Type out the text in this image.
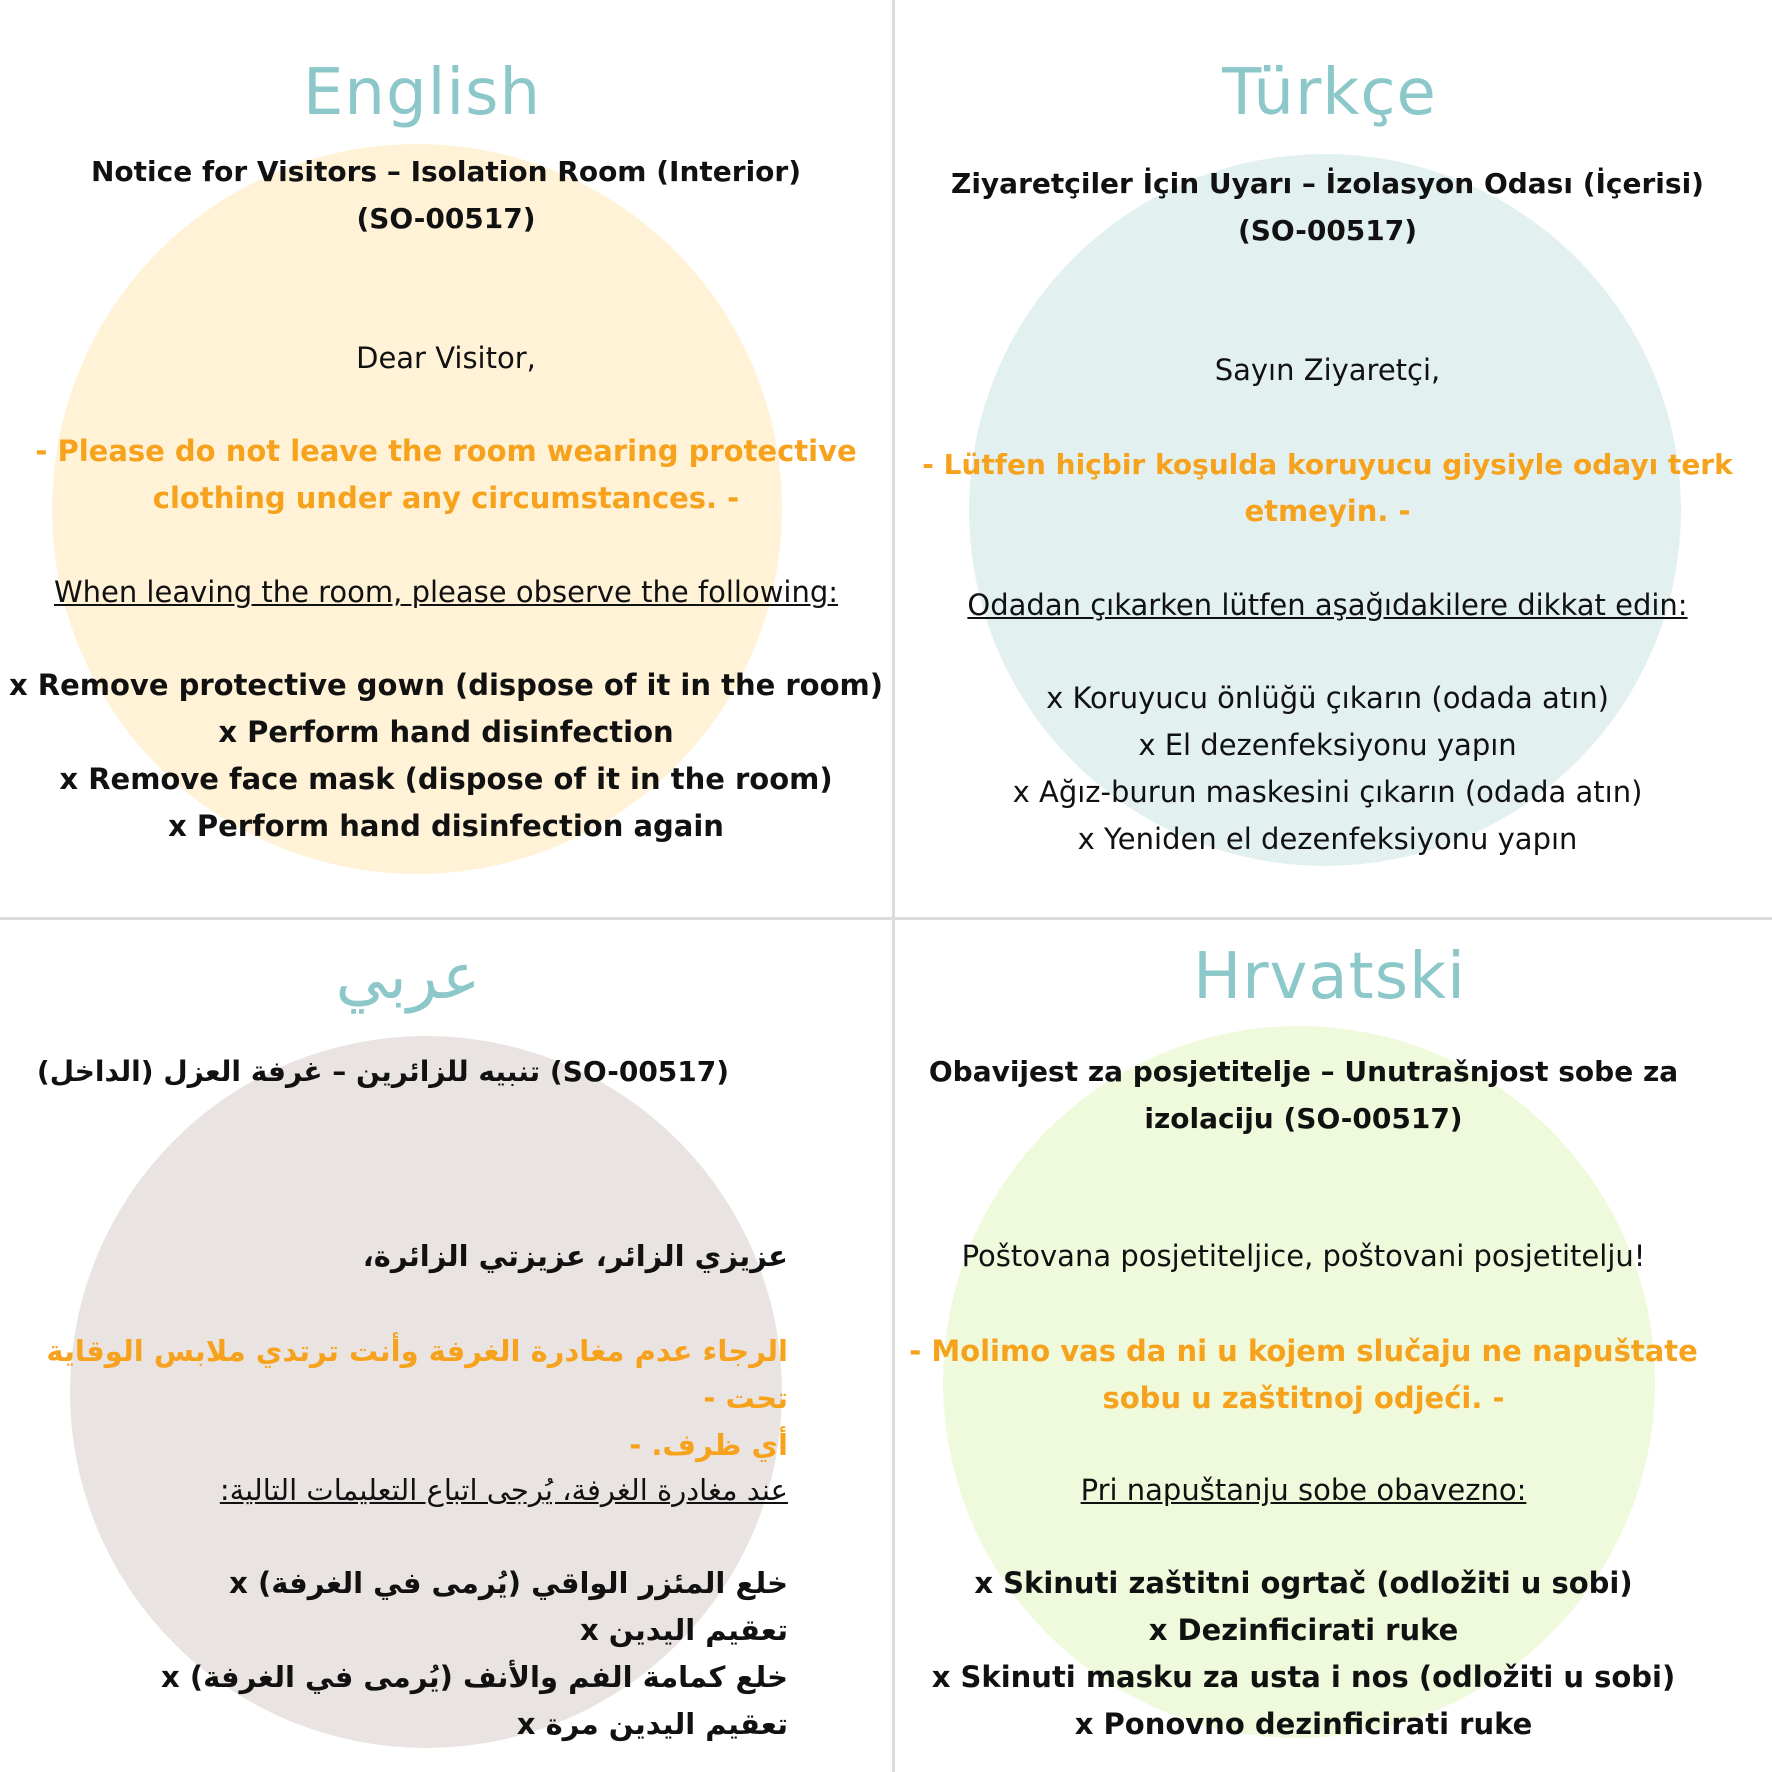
English

Notice for Visitors – Isolation Room (Interior)

(SO-00517)

Dear Visitor,

- Please do not leave the room wearing protective

clothing under any circumstances. -

When leaving the room, please observe the following:

x Remove protective gown (dispose of it in the room)
x Perform hand disinfection
x Remove face mask (dispose of it in the room)
x Perform hand disinfection again
Türkçe

Ziyaretçiler İçin Uyarı – İzolasyon Odası (İçerisi)

(SO-00517)

Sayın Ziyaretçi,

- Lütfen hiçbir koşulda koruyucu giysiyle odayı terk

etmeyin. -

Odadan çıkarken lütfen aşağıdakilere dikkat edin:

x Koruyucu önlüğü çıkarın (odada atın)
x El dezenfeksiyonu yapın
x Ağız-burun maskesini çıkarın (odada atın)
x Yeniden el dezenfeksiyonu yapın
عربي

(SO-00517) تنبيه للزائرين – غرفة العزل (الداخل)

عزيزي الزائر، عزيزتي الزائرة،

الرجاء عدم مغادرة الغرفة وأنت ترتدي ملابس الوقاية تحت -

أي ظرف. -

عند مغادرة الغرفة، يُرجى اتباع التعليمات التالية:

خلع المئزر الواقي (يُرمى في الغرفة) x
تعقيم اليدين x
خلع كمامة الفم والأنف (يُرمى في الغرفة) x
تعقيم اليدين مرة x
Hrvatski

Obavijest za posjetitelje – Unutrašnjost sobe za

izolaciju (SO-00517)

Poštovana posjetiteljice, poštovani posjetitelju!

- Molimo vas da ni u kojem slučaju ne napuštate

sobu u zaštitnoj odjeći. -

Pri napuštanju sobe obavezno:

x Skinuti zaštitni ogrtač (odložiti u sobi)
x Dezinficirati ruke
x Skinuti masku za usta i nos (odložiti u sobi)
x Ponovno dezinficirati ruke
